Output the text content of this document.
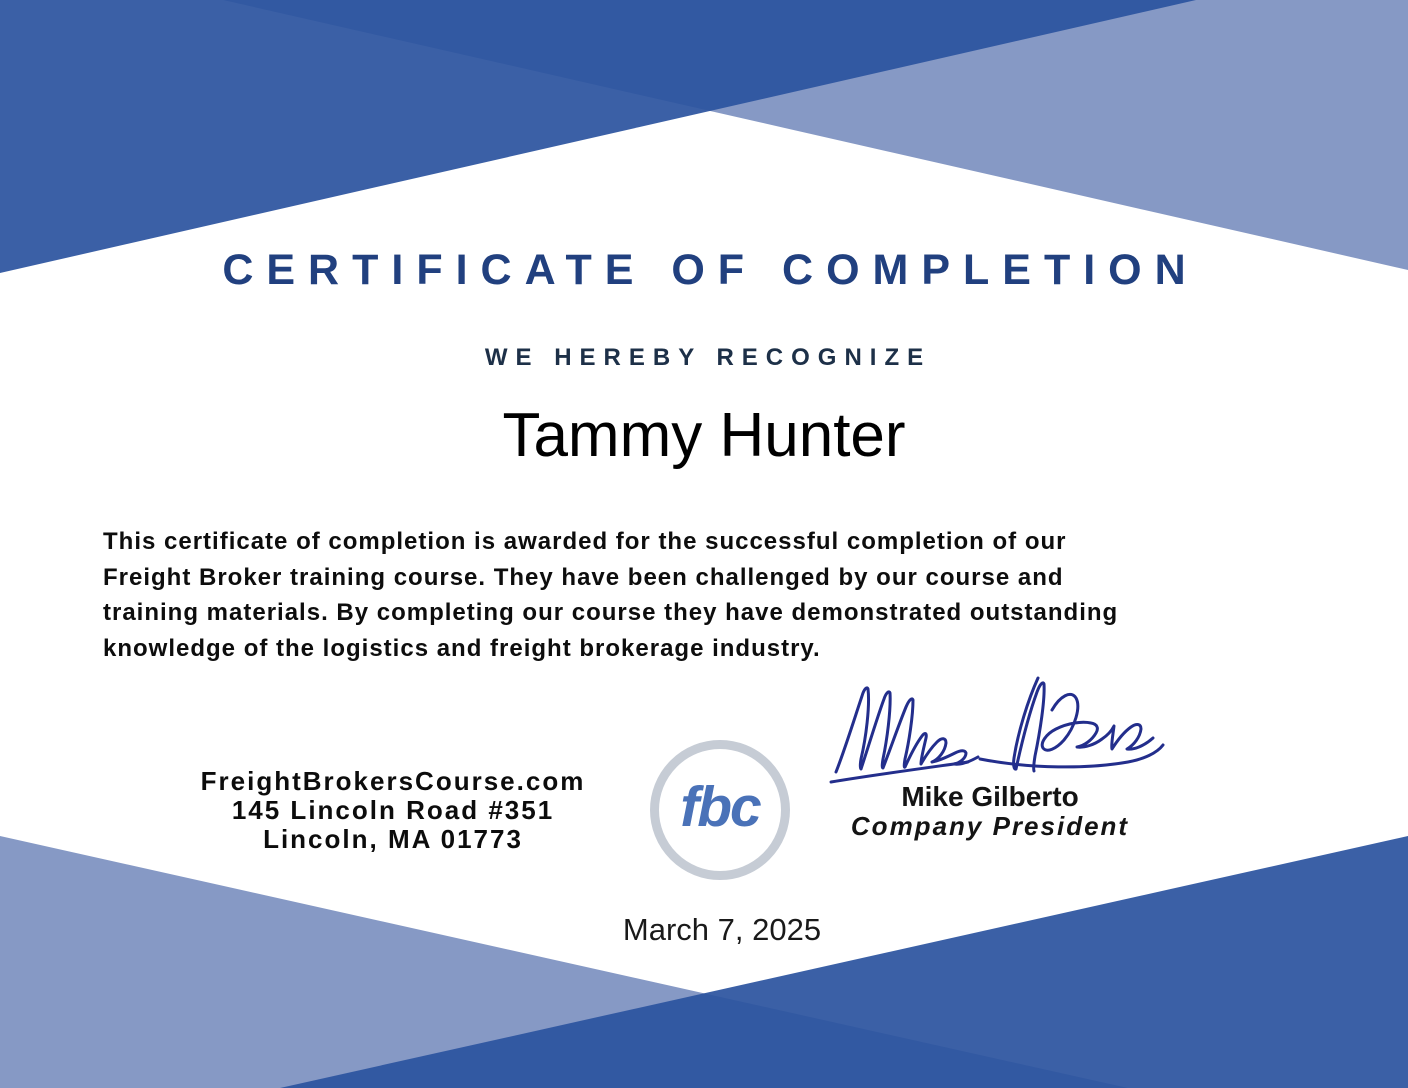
CERTIFICATE OF COMPLETION
WE HEREBY RECOGNIZE
Tammy Hunter
This certificate of completion is awarded for the successful completion of our
Freight Broker training course. They have been challenged by our course and
training materials. By completing our course they have demonstrated outstanding
knowledge of the logistics and freight brokerage industry.
FreightBrokersCourse.com
145 Lincoln Road #351
Lincoln, MA 01773	fbc	Mike Gilberto
Company President
March 7, 2025
